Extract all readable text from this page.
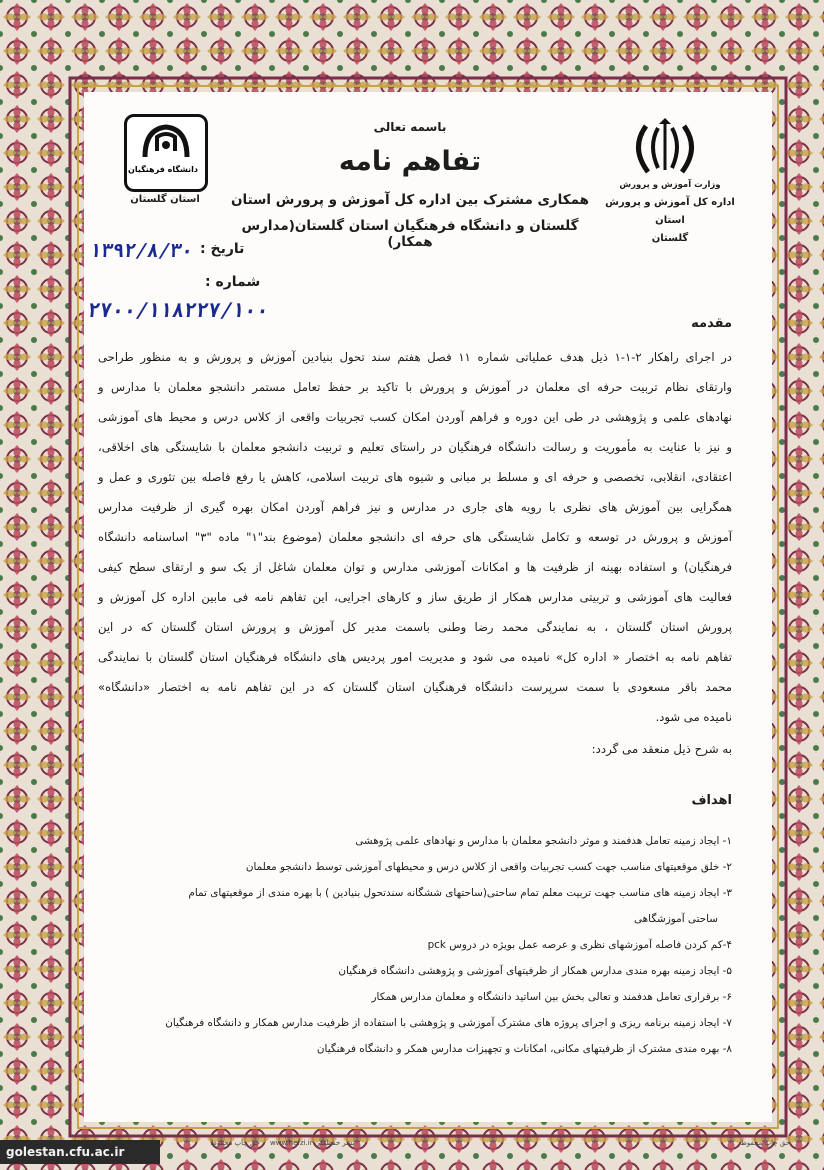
وزارت آموزش و پرورش
اداره کل آموزش و پرورش استان
گلستان
دانشگاه فرهنگیان
استان گلستان
باسمه تعالی
تفاهم نامه
همکاری مشترک بین اداره کل آموزش و پرورش استان
گلستان و دانشگاه فرهنگیان استان گلستان(مدارس همکار)
تاریخ :
۱۳۹۲/۸/۳۰
شماره :
۲۷۰۰/۱۱۸۲۲۷/۱۰۰
مقدمه
در اجرای راهکار ۲-۱-۱ ذیل هدف عملیاتی شماره ۱۱ فصل هفتم سند تحول بنیادین آموزش و پرورش و به منظور طراحی
وارتقای نظام تربیت حرفه ای معلمان در آموزش و پرورش با تاکید بر حفظ تعامل مستمر دانشجو معلمان با مدارس و
نهادهای علمی و پژوهشی در طی این دوره و فراهم آوردن امکان کسب تجربیات واقعی از کلاس درس و محیط های آموزشی
و نیز با عنایت به مأموریت و رسالت دانشگاه فرهنگیان در راستای تعلیم و تربیت دانشجو معلمان با شایستگی های اخلاقی،
اعتقادی، انقلابی، تخصصی و حرفه ای و مسلط بر مبانی و شیوه های تربیت اسلامی، کاهش یا رفع فاصله بین تئوری و عمل و
همگرایی بین آموزش های نظری با رویه های جاری در مدارس و نیز فراهم آوردن امکان بهره گیری از ظرفیت مدارس
آموزش و پرورش در توسعه و تکامل شایستگی های حرفه ای دانشجو معلمان (موضوع بند"۱" ماده "۳" اساسنامه دانشگاه
فرهنگیان) و استفاده بهینه از ظرفیت ها و امکانات آموزشی مدارس و توان معلمان شاغل از یک سو و ارتقای سطح کیفی
فعالیت های آموزشی و تربیتی مدارس همکار از طریق ساز و کارهای اجرایی، این تفاهم نامه فی مابین اداره کل آموزش و
پرورش استان گلستان ، به نمایندگی محمد رضا وطنی باسمت مدیر کل آموزش و پرورش استان گلستان که در این
تفاهم نامه به اختصار « اداره کل» نامیده می شود و مدیریت امور پردیس های دانشگاه فرهنگیان استان گلستان با نمایندگی
محمد باقر مسعودی با سمت سرپرست دانشگاه فرهنگیان استان گلستان که در این تفاهم نامه به اختصار «دانشگاه»
نامیده می شود.
به شرح ذیل منعقد می گردد:
اهداف
۱- ایجاد زمینه تعامل هدفمند و موثر دانشجو معلمان با مدارس و نهادهای علمی پژوهشی
۲- خلق موقعیتهای مناسب جهت کسب تجربیات واقعی از کلاس درس و محیطهای آموزشی توسط دانشجو معلمان
۳- ایجاد زمینه های مناسب جهت تربیت معلم تمام ساحتی(ساحتهای ششگانه سندتحول بنیادین ) با بهره مندی از موقعیتهای تمام
ساحتی آموزشگاهی
۴-کم کردن فاصله آموزشهای نظری و عرصه عمل بویژه در دروس pck
۵- ایجاد زمینه بهره مندی مدارس همکار از ظرفیتهای آموزشی و پژوهشی دانشگاه فرهنگیان
۶- برقراری تعامل هدفمند و تعالی بخش بین اساتید دانشگاه و معلمان مدارس همکار
۷- ایجاد زمینه برنامه ریزی و اجرای پروژه های مشترک آموزشی و پژوهشی با استفاده از ظرفیت مدارس همکار و دانشگاه فرهنگیان
۸- بهره مندی مشترک از ظرفیتهای مکانی، امکانات و تجهیزات مدارس همکر و دانشگاه فرهنگیان
www.hefzi.ir نشر حقظفلی	حق چاپ محفوظ
حق چاپ محفوظ
golestan.cfu.ac.ir
